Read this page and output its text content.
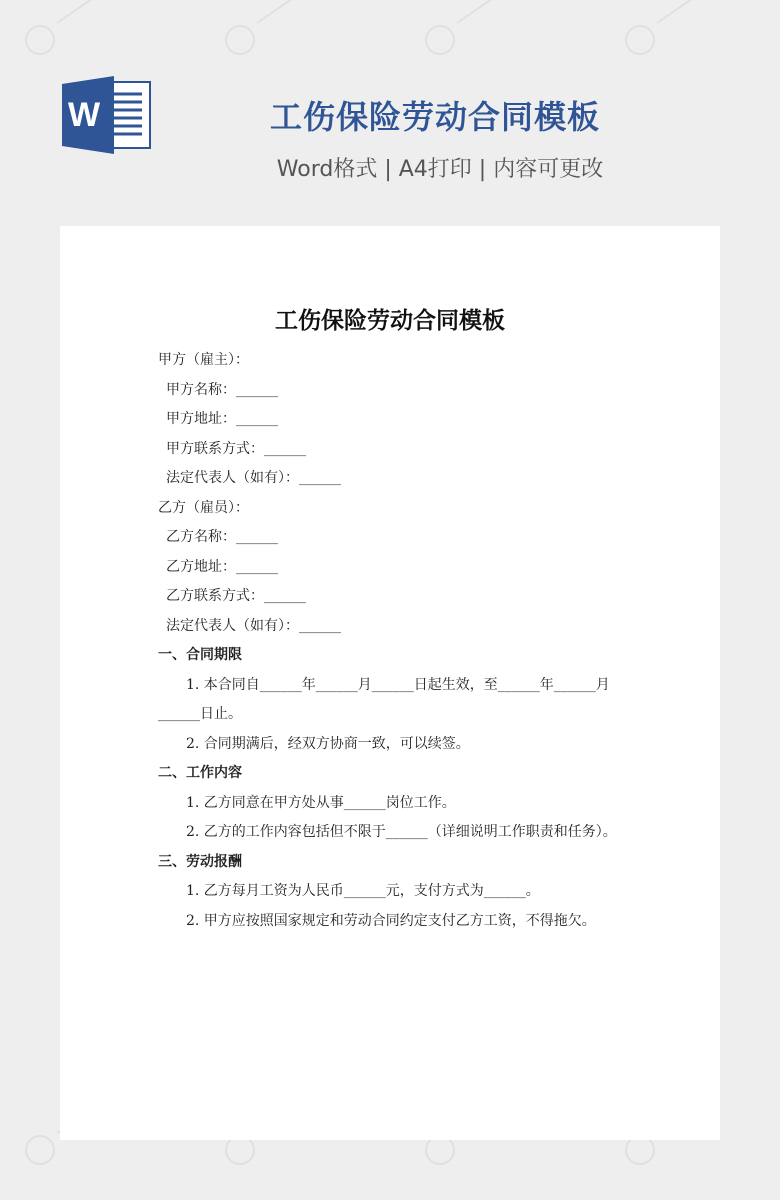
W	工伤保险劳动合同模板
Word格式 | A4打印 | 内容可更改
工伤保险劳动合同模板
甲方（雇主）：
甲方名称：______
甲方地址：______
甲方联系方式：______
法定代表人（如有）：______
乙方（雇员）：
乙方名称：______
乙方地址：______
乙方联系方式：______
法定代表人（如有）：______
一、合同期限
1. 本合同自______年______月______日起生效，至______年______月______日止。
2. 合同期满后，经双方协商一致，可以续签。
二、工作内容
1. 乙方同意在甲方处从事______岗位工作。
2. 乙方的工作内容包括但不限于______（详细说明工作职责和任务）。
三、劳动报酬
1. 乙方每月工资为人民币______元，支付方式为______。
2. 甲方应按照国家规定和劳动合同约定支付乙方工资，不得拖欠。
